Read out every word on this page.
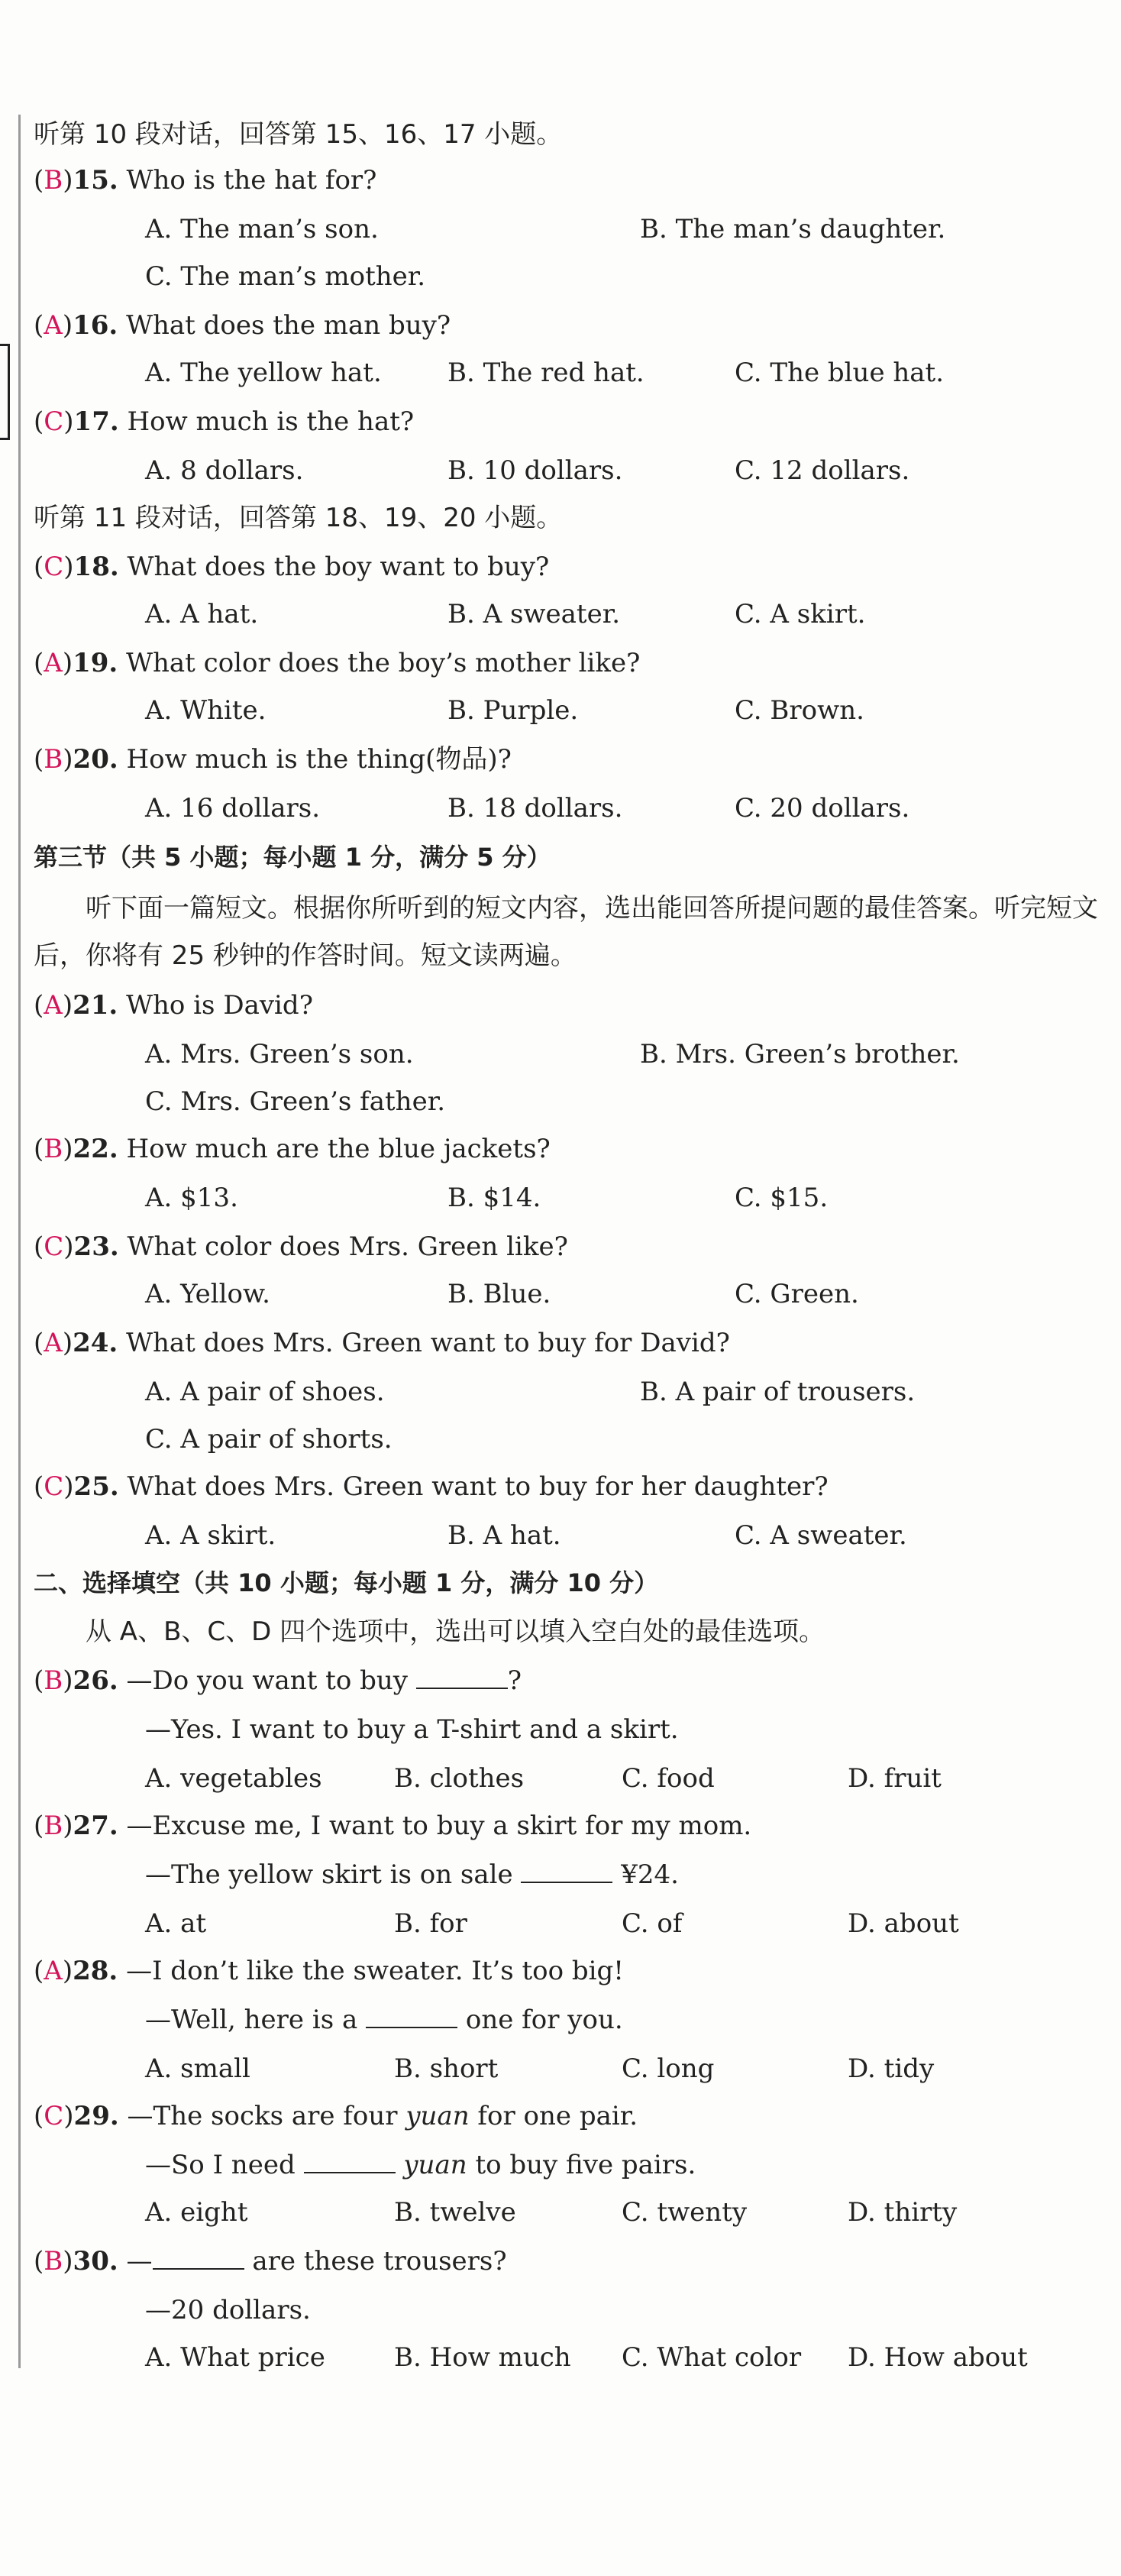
听第 10 段对话，回答第 15、16、17 小题。
(B)15. Who is the hat for?
A. The man’s son.	B. The man’s daughter.
C. The man’s mother.
(A)16. What does the man buy?
A. The yellow hat.	B. The red hat.	C. The blue hat.
(C)17. How much is the hat?
A. 8 dollars.	B. 10 dollars.	C. 12 dollars.
听第 11 段对话，回答第 18、19、20 小题。
(C)18. What does the boy want to buy?
A. A hat.	B. A sweater.	C. A skirt.
(A)19. What color does the boy’s mother like?
A. White.	B. Purple.	C. Brown.
(B)20. How much is the thing(物品)?
A. 16 dollars.	B. 18 dollars.	C. 20 dollars.
第三节（共 5 小题；每小题 1 分，满分 5 分）
听下面一篇短文。根据你所听到的短文内容，选出能回答所提问题的最佳答案。听完短文后，你将有 25 秒钟的作答时间。短文读两遍。
(A)21. Who is David?
A. Mrs. Green’s son.	B. Mrs. Green’s brother.
C. Mrs. Green’s father.
(B)22. How much are the blue jackets?
A. $13.	B. $14.	C. $15.
(C)23. What color does Mrs. Green like?
A. Yellow.	B. Blue.	C. Green.
(A)24. What does Mrs. Green want to buy for David?
A. A pair of shoes.	B. A pair of trousers.
C. A pair of shorts.
(C)25. What does Mrs. Green want to buy for her daughter?
A. A skirt.	B. A hat.	C. A sweater.
二、选择填空（共 10 小题；每小题 1 分，满分 10 分）
从 A、B、C、D 四个选项中，选出可以填入空白处的最佳选项。
(B)26. —Do you want to buy	?
—Yes. I want to buy a T-shirt and a skirt.
A. vegetables	B. clothes	C. food	D. fruit
(B)27. —Excuse me, I want to buy a skirt for my mom.
—The yellow skirt is on sale	¥24.
A. at	B. for	C. of	D. about
(A)28. —I don’t like the sweater. It’s too big!
—Well, here is a	one for you.
A. small	B. short	C. long	D. tidy
(C)29. —The socks are four yuan for one pair.
—So I need	yuan to buy five pairs.
A. eight	B. twelve	C. twenty	D. thirty
(B)30. —	are these trousers?
—20 dollars.
A. What price	B. How much C. What color D. How about
